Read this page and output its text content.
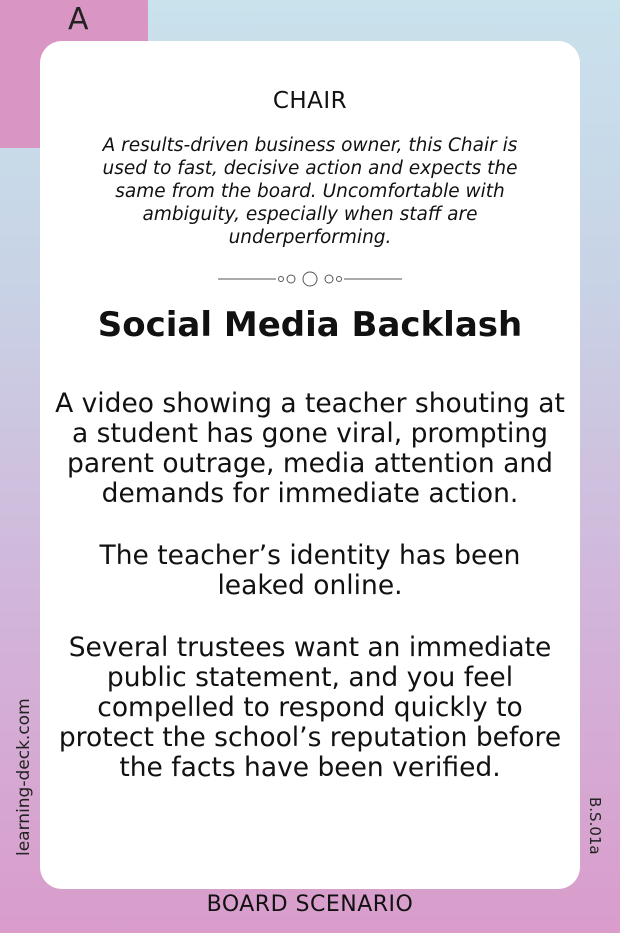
A
CHAIR
A results-driven business owner, this Chair is used to fast, decisive action and expects the same from the board. Uncomfortable with ambiguity, especially when staff are underperforming.
Social Media Backlash

A video showing a teacher shouting at a student has gone viral, prompting parent outrage, media attention and demands for immediate action.

The teacher’s identity has been leaked online.

Several trustees want an immediate public statement, and you feel compelled to respond quickly to protect the school’s reputation before the facts have been verified.

learning-deck.com	B.S.01a
BOARD SCENARIO
